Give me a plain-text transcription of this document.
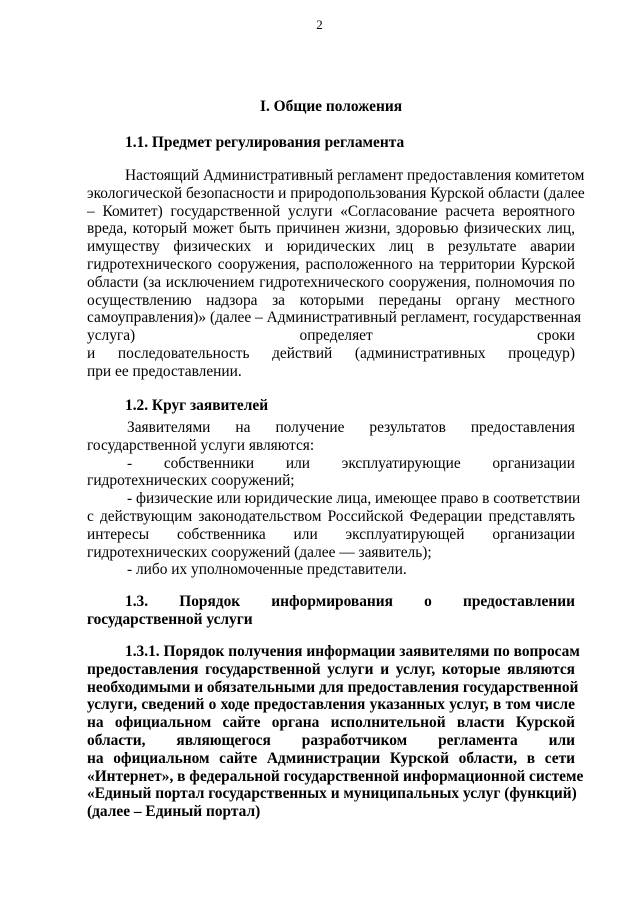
2
I. Общие положения
1.1. Предмет регулирования регламента
Настоящий Административный регламент предоставления комитетом
экологической безопасности и природопользования Курской области (далее
– Комитет) государственной услуги «Согласование расчета вероятного
вреда, который может быть причинен жизни, здоровью физических лиц,
имуществу физических и юридических лиц в результате аварии
гидротехнического сооружения, расположенного на территории Курской
области (за исключением гидротехнического сооружения, полномочия по
осуществлению надзора за которыми переданы органу местного
самоуправления)» (далее – Административный регламент, государственная
услуга) определяет сроки
и последовательность действий (административных процедур)
при ее предоставлении.
1.2. Круг заявителей
Заявителями на получение результатов предоставления
государственной услуги являются:
- собственники или эксплуатирующие организации
гидротехнических сооружений;
- физические или юридические лица, имеющее право в соответствии
с действующим законодательством Российской Федерации представлять
интересы собственника или эксплуатирующей организации
гидротехнических сооружений (далее –– заявитель);
- либо их уполномоченные представители.
1.3. Порядок информирования о предоставлении
государственной услуги
1.3.1. Порядок получения информации заявителями по вопросам
предоставления государственной услуги и услуг, которые являются
необходимыми и обязательными для предоставления государственной
услуги, сведений о ходе предоставления указанных услуг, в том числе
на официальном сайте органа исполнительной власти Курской
области, являющегося разработчиком регламента или
на официальном сайте Администрации Курской области, в сети
«Интернет», в федеральной государственной информационной системе
«Единый портал государственных и муниципальных услуг (функций)
(далее – Единый портал)
